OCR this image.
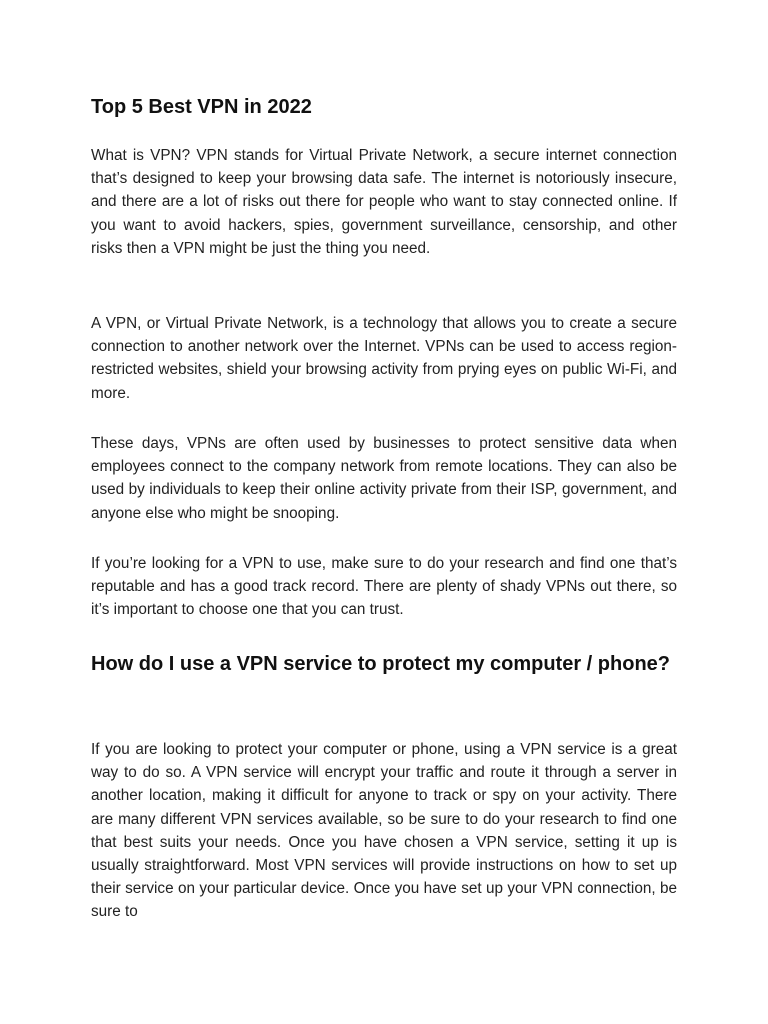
Top 5 Best VPN in 2022

What is VPN? VPN stands for Virtual Private Network, a secure internet connection that’s designed to keep your browsing data safe. The internet is notoriously insecure, and there are a lot of risks out there for people who want to stay connected online. If you want to avoid hackers, spies, government surveillance, censorship, and other risks then a VPN might be just the thing you need.

A VPN, or Virtual Private Network, is a technology that allows you to create a secure connection to another network over the Internet. VPNs can be used to access region-restricted websites, shield your browsing activity from prying eyes on public Wi-Fi, and more.

These days, VPNs are often used by businesses to protect sensitive data when employees connect to the company network from remote locations. They can also be used by individuals to keep their online activity private from their ISP, government, and anyone else who might be snooping.

If you’re looking for a VPN to use, make sure to do your research and find one that’s reputable and has a good track record. There are plenty of shady VPNs out there, so it’s important to choose one that you can trust.

How do I use a VPN service to protect my computer / phone?

If you are looking to protect your computer or phone, using a VPN service is a great way to do so. A VPN service will encrypt your traffic and route it through a server in another location, making it difficult for anyone to track or spy on your activity. There are many different VPN services available, so be sure to do your research to find one that best suits your needs. Once you have chosen a VPN service, setting it up is usually straightforward. Most VPN services will provide instructions on how to set up their service on your particular device. Once you have set up your VPN connection, be sure to
